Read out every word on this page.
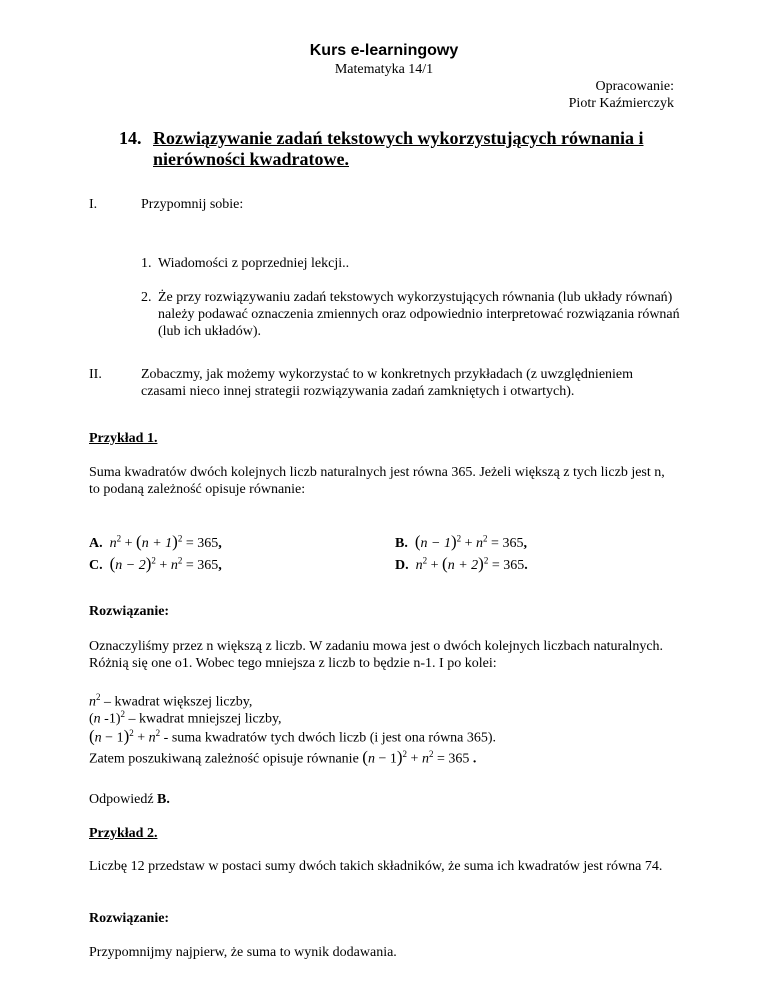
Kurs e-learningowy
Matematyka 14/1
Opracowanie:
Piotr Kaźmierczyk
14. Rozwiązywanie zadań tekstowych wykorzystujących równania i nierówności kwadratowe.
I.	Przypomnij sobie:
1. Wiadomości z poprzedniej lekcji..
2. Że przy rozwiązywaniu zadań tekstowych wykorzystujących równania (lub układy równań) należy podawać oznaczenia zmiennych oraz odpowiednio interpretować rozwiązania równań (lub ich układów).
II.	Zobaczmy, jak możemy wykorzystać to w konkretnych przykładach (z uwzględnieniem czasami nieco innej strategii rozwiązywania zadań zamkniętych i otwartych).
Przykład 1.
Suma kwadratów dwóch kolejnych liczb naturalnych jest równa 365. Jeżeli większą z tych liczb jest n, to podaną zależność opisuje równanie:
A. $n^2 + (n + 1)^2 = 365$,	B. $(n - 1)^2 + n^2 = 365$,
C. $(n - 2)^2 + n^2 = 365$,	D. $n^2 + (n + 2)^2 = 365$.
Rozwiązanie:
Oznaczyliśmy przez n większą z liczb. W zadaniu mowa jest o dwóch kolejnych liczbach naturalnych. Różnią się one o1. Wobec tego mniejsza z liczb to będzie n-1. I po kolei:
$n^2$ – kwadrat większej liczby,
(n -1)$^2$ – kwadrat mniejszej liczby,
$(n - 1)^2 + n^2$ - suma kwadratów tych dwóch liczb (i jest ona równa 365).
Zatem poszukiwaną zależność opisuje równanie $(n - 1)^2 + n^2 = 365$ .
Odpowiedź B.
Przykład 2.
Liczbę 12 przedstaw w postaci sumy dwóch takich składników, że suma ich kwadratów jest równa 74.
Rozwiązanie:
Przypomnijmy najpierw, że suma to wynik dodawania.
